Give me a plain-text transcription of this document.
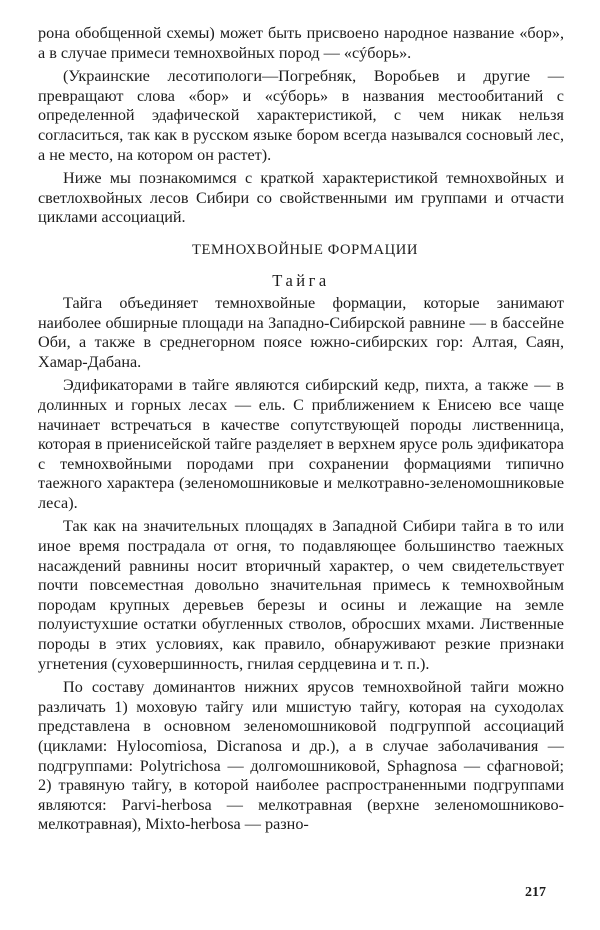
рона обобщенной схемы) может быть присвоено народное название «бор», а в случае примеси темнохвойных пород — «сýборь».

(Украинские лесотипологи—Погребняк, Воробьев и другие — превращают слова «бор» и «сýборь» в названия местообитаний с определенной эдафической характеристикой, с чем никак нельзя согласиться, так как в русском языке бором всегда назывался сосновый лес, а не место, на котором он растет).

Ниже мы познакомимся с краткой характеристикой темнохвойных и светлохвойных лесов Сибири со свойственными им группами и отчасти циклами ассоциаций.

ТЕМНОХВОЙНЫЕ ФОРМАЦИИ
Тайга

Тайга объединяет темнохвойные формации, которые занимают наиболее обширные площади на Западно-Сибирской равнине — в бассейне Оби, а также в среднегорном поясе южно-сибирских гор: Алтая, Саян, Хамар-Дабана.

Эдификаторами в тайге являются сибирский кедр, пихта, а также — в долинных и горных лесах — ель. С приближением к Енисею все чаще начинает встречаться в качестве сопутствующей породы лиственница, которая в приенисейской тайге разделяет в верхнем ярусе роль эдификатора с темнохвойными породами при сохранении формациями типично таежного характера (зеленомошниковые и мелкотравно-зеленомошниковые леса).

Так как на значительных площадях в Западной Сибири тайга в то или иное время пострадала от огня, то подавляющее большинство таежных насаждений равнины носит вторичный характер, о чем свидетельствует почти повсеместная довольно значительная примесь к темнохвойным породам крупных деревьев березы и осины и лежащие на земле полуистухшие остатки обугленных стволов, обросших мхами. Лиственные породы в этих условиях, как правило, обнаруживают резкие признаки угнетения (суховершинность, гнилая сердцевина и т. п.).

По составу доминантов нижних ярусов темнохвойной тайги можно различать 1) моховую тайгу или мшистую тайгу, которая на суходолах представлена в основном зеленомошниковой подгруппой ассоциаций (циклами: Hylocomiosa, Dicranosa и др.), а в случае заболачивания — подгруппами: Polytrichosa — долгомошниковой, Sphagnosa — сфагновой; 2) травяную тайгу, в которой наиболее распространенными подгруппами являются: Parvi-herbosa — мелкотравная (верхне зеленомошниково-мелкотравная), Mixto-herbosa — разно-

217
